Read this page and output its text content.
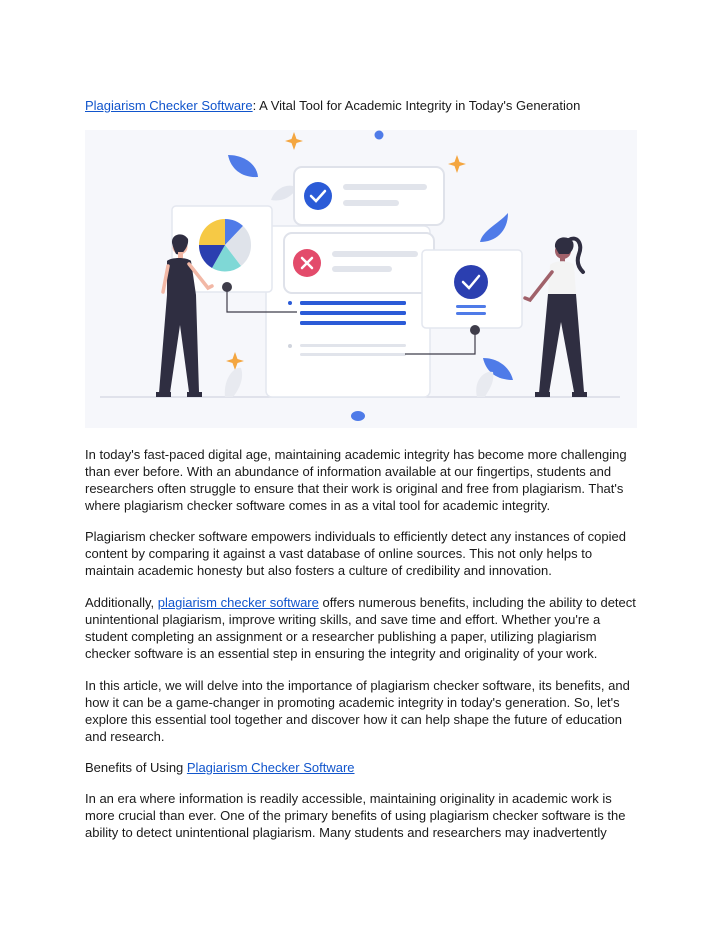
Plagiarism Checker Software: A Vital Tool for Academic Integrity in Today's Generation

In today's fast-paced digital age, maintaining academic integrity has become more challenging than ever before. With an abundance of information available at our fingertips, students and researchers often struggle to ensure that their work is original and free from plagiarism. That's where plagiarism checker software comes in as a vital tool for academic integrity.

Plagiarism checker software empowers individuals to efficiently detect any instances of copied content by comparing it against a vast database of online sources. This not only helps to maintain academic honesty but also fosters a culture of credibility and innovation.

Additionally, plagiarism checker software offers numerous benefits, including the ability to detect unintentional plagiarism, improve writing skills, and save time and effort. Whether you're a student completing an assignment or a researcher publishing a paper, utilizing plagiarism checker software is an essential step in ensuring the integrity and originality of your work.

In this article, we will delve into the importance of plagiarism checker software, its benefits, and how it can be a game-changer in promoting academic integrity in today's generation. So, let's explore this essential tool together and discover how it can help shape the future of education and research.

Benefits of Using Plagiarism Checker Software

In an era where information is readily accessible, maintaining originality in academic work is more crucial than ever. One of the primary benefits of using plagiarism checker software is the ability to detect unintentional plagiarism. Many students and researchers may inadvertently
